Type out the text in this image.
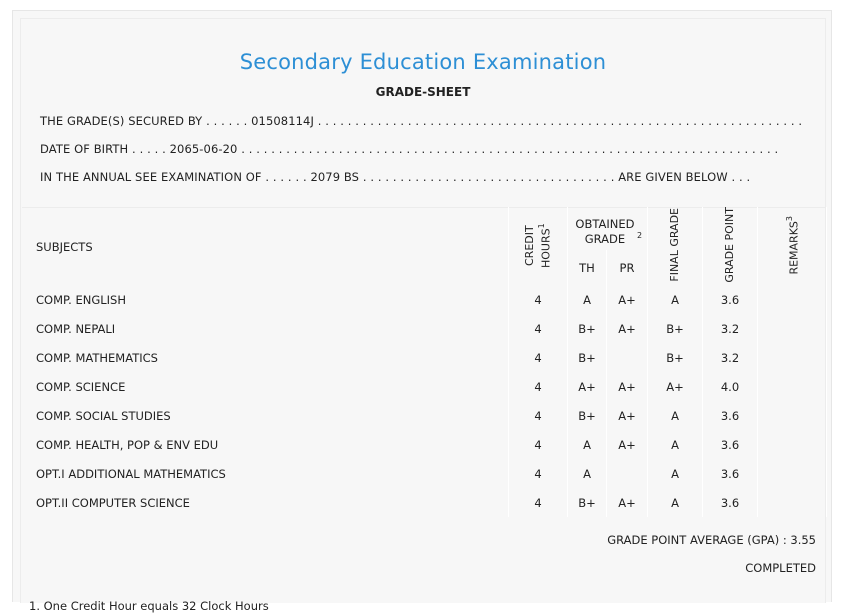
Secondary Education Examination
GRADE-SHEET
THE GRADE(S) SECURED BY . . . . . . 01508114J . . . . . . . . . . . . . . . . . . . . . . . . . . . . . . . . . . . . . . . . . . . . . . . . . . . . . . . . . . . . . . . . .
DATE OF BIRTH . . . . . 2065-06-20 . . . . . . . . . . . . . . . . . . . . . . . . . . . . . . . . . . . . . . . . . . . . . . . . . . . . . . . . . . . . . . . . . . . . . . . .
IN THE ANNUAL SEE EXAMINATION OF . . . . . . 2079 BS . . . . . . . . . . . . . . . . . . . . . . . . . . . . . . . . . . ARE GIVEN BELOW . . .
SUBJECTS	CREDIT HOURS$^1$	OBTAINED GRADE $^2$		FINAL GRADE	GRADE POINT	REMARKS$^3$
		TH	PR			
COMP. ENGLISH	4	A	A+	A	3.6	
COMP. NEPALI	4	B+	A+	B+	3.2	
COMP. MATHEMATICS	4	B+		B+	3.2	
COMP. SCIENCE	4	A+	A+	A+	4.0	
COMP. SOCIAL STUDIES	4	B+	A+	A	3.6	
COMP. HEALTH, POP & ENV EDU	4	A	A+	A	3.6	
OPT.I ADDITIONAL MATHEMATICS	4	A		A	3.6	
OPT.II COMPUTER SCIENCE	4	B+	A+	A	3.6	
GRADE POINT AVERAGE (GPA) : 3.55
COMPLETED
1. One Credit Hour equals 32 Clock Hours
